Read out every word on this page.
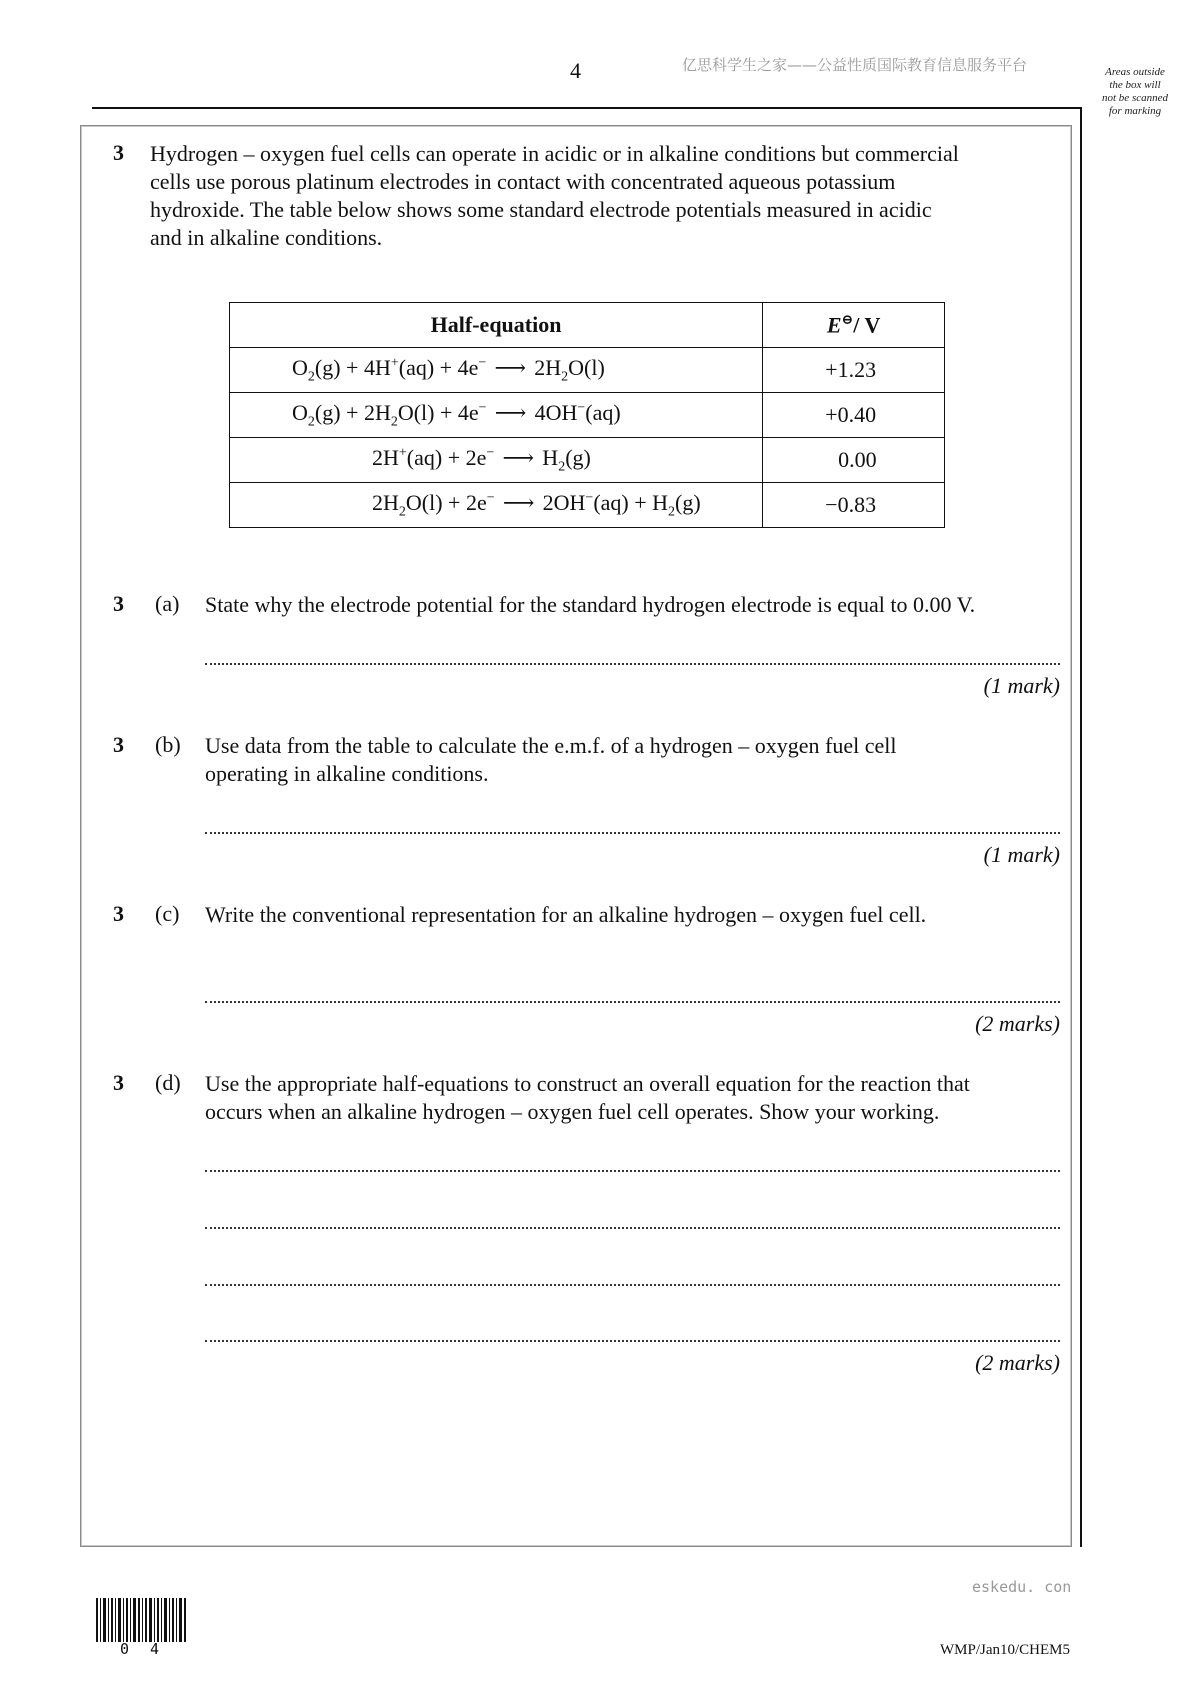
4	亿思科学生之家——公益性质国际教育信息服务平台	Areas outside
the box will
not be scanned
for marking
3 Hydrogen – oxygen fuel cells can operate in acidic or in alkaline conditions but commercial
cells use porous platinum electrodes in contact with concentrated aqueous potassium
hydroxide. The table below shows some standard electrode potentials measured in acidic
and in alkaline conditions.
Half-equation	E⊖/ V
$O_2(g) + 4H^+(aq) + 4e^-$ ⟶ $2H_2O(l)$	+1.23
$O_2(g) + 2H_2O(l) + 4e^-$ ⟶ 4OH−(aq)	+0.40
2H+(aq) + 2e− ⟶ $H_2(g)$	0.00
$2H_2O(l) + 2e^-$ ⟶ $2OH^-(aq) + H_2(g)$	−0.83
3 (a) State why the electrode potential for the standard hydrogen electrode is equal to 0.00 V.
(1 mark)
3 (b) Use data from the table to calculate the e.m.f. of a hydrogen – oxygen fuel cell
operating in alkaline conditions.
(1 mark)
3 (c) Write the conventional representation for an alkaline hydrogen – oxygen fuel cell.
(2 marks)
3 (d) Use the appropriate half-equations to construct an overall equation for the reaction that
occurs when an alkaline hydrogen – oxygen fuel cell operates. Show your working.
(2 marks)
eskedu. con
0 4	WMP/Jan10/CHEM5
